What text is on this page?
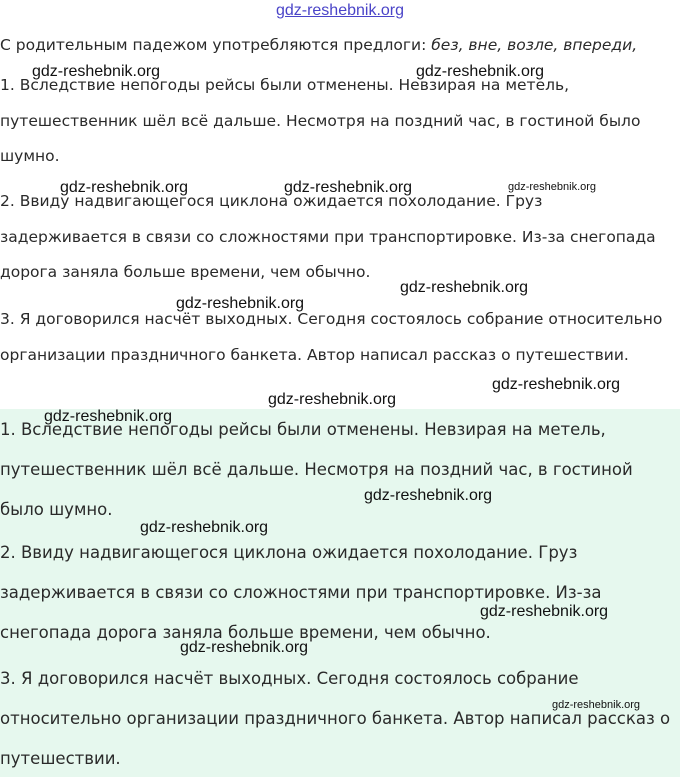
gdz-reshebnik.org
С родительным падежом употребляются предлоги: без, вне, возле, впереди,

1. Вследствие непогоды рейсы были отменены. Невзирая на метель, путешественник шёл всё дальше. Несмотря на поздний час, в гостиной было шумно.

2. Ввиду надвигающегося циклона ожидается похолодание. Груз задерживается в связи со сложностями при транспортировке. Из-за снегопада дорога заняла больше времени, чем обычно.

3. Я договорился насчёт выходных. Сегодня состоялось собрание относительно организации праздничного банкета. Автор написал рассказ о путешествии.

1. Вследствие непогоды рейсы были отменены. Невзирая на метель, путешественник шёл всё дальше. Несмотря на поздний час, в гостиной было шумно.

2. Ввиду надвигающегося циклона ожидается похолодание. Груз задерживается в связи со сложностями при транспортировке. Из-за снегопада дорога заняла больше времени, чем обычно.

3. Я договорился насчёт выходных. Сегодня состоялось собрание относительно организации праздничного банкета. Автор написал рассказ о путешествии.

gdz-reshebnik.org	gdz-reshebnik.org
gdz-reshebnik.org	gdz-reshebnik.org	gdz-reshebnik.org
gdz-reshebnik.org
gdz-reshebnik.org
gdz-reshebnik.org
gdz-reshebnik.org
gdz-reshebnik.org
gdz-reshebnik.org
gdz-reshebnik.org
gdz-reshebnik.org
gdz-reshebnik.org
gdz-reshebnik.org
